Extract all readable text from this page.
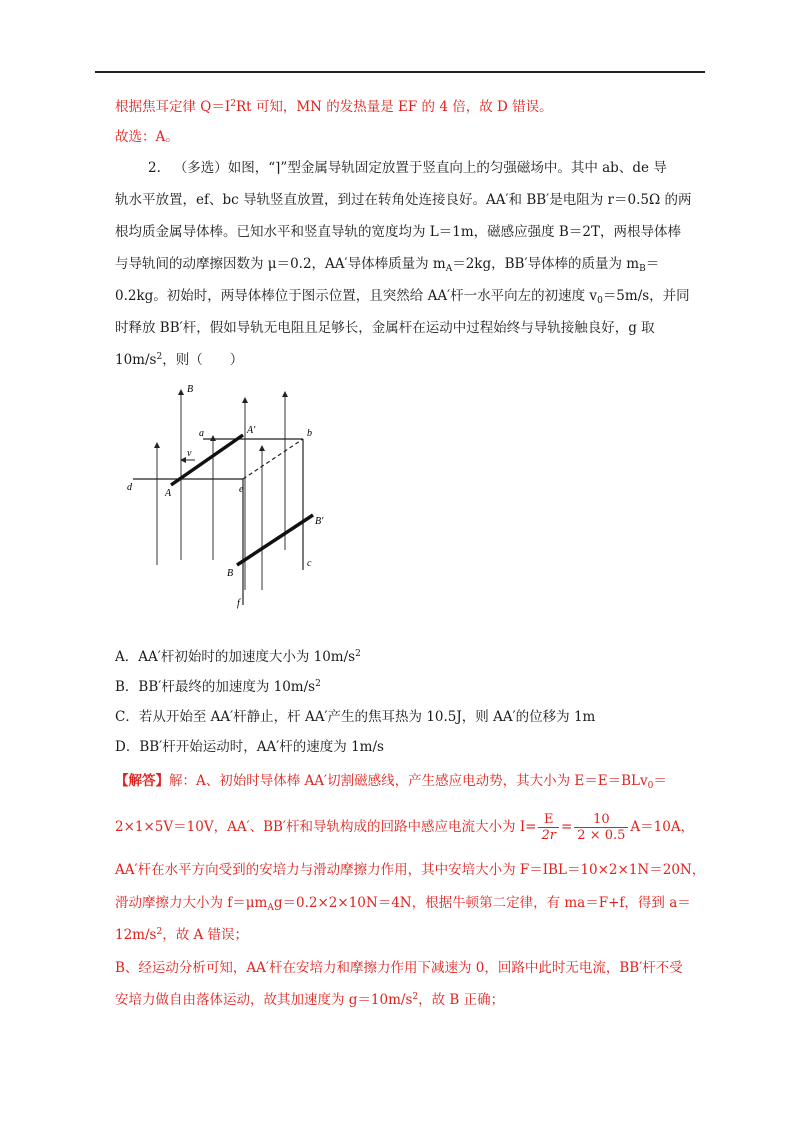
根据焦耳定律 $Q=I^2Rt$ 可知，MN 的发热量是 EF 的 4 倍，故 D 错误。
故选：A。
2. （多选）如图，“⌉”型金属导轨固定放置于竖直向上的匀强磁场中。其中 ab、de 导
轨水平放置，ef、bc 导轨竖直放置，到过在转角处连接良好。AA′和 BB′是电阻为 r＝0.5Ω 的两
根均质金属导体棒。已知水平和竖直导轨的宽度均为 L＝1m，磁感应强度 B＝2T，两根导体棒
与导轨间的动摩擦因数为 μ＝0.2，AA′导体棒质量为 $m_A=2kg$，BB′导体棒的质量为 $m_B=$
0.2kg。初始时，两导体棒位于图示位置，且突然给 AA′杆一水平向左的初速度 $v_0=5m/s$，并同
时释放 BB′杆，假如导轨无电阻且足够长，金属杆在运动中过程始终与导轨接触良好，g 取
$10m/s^2$，则（　　）
B
a	A′	b
v
d
A	e
B′
B
c
f
A．AA′杆初始时的加速度大小为 $10m/s^2$
B．BB′杆最终的加速度为 $10m/s^2$
C．若从开始至 AA′杆静止，杆 AA′产生的焦耳热为 10.5J，则 AA′的位移为 1m
D．BB′杆开始运动时，AA′杆的速度为 1m/s
【解答】解：A、初始时导体棒 AA′切割磁感线，产生感应电动势，其大小为 E＝E＝BLv$_0$＝
2×1×5V＝10V，AA′、BB′杆和导轨构成的回路中感应电流大小为 $I= \frac{E}{2r} = \frac{10}{2 \times 0.5} A=10A$，
AA′杆在水平方向受到的安培力与滑动摩擦力作用，其中安培大小为 F＝IBL＝10×2×1N＝20N，
滑动摩擦力大小为 $f=\mu m_Ag=0.2\times 2\times 10N=4N$，根据牛顿第二定律，有 ma＝F+f，得到 a＝
$12m/s^2$，故 A 错误；
B、经运动分析可知，AA′杆在安培力和摩擦力作用下减速为 0，回路中此时无电流，BB′杆不受
安培力做自由落体运动，故其加速度为 $g=10m/s^2$，故 B 正确；
